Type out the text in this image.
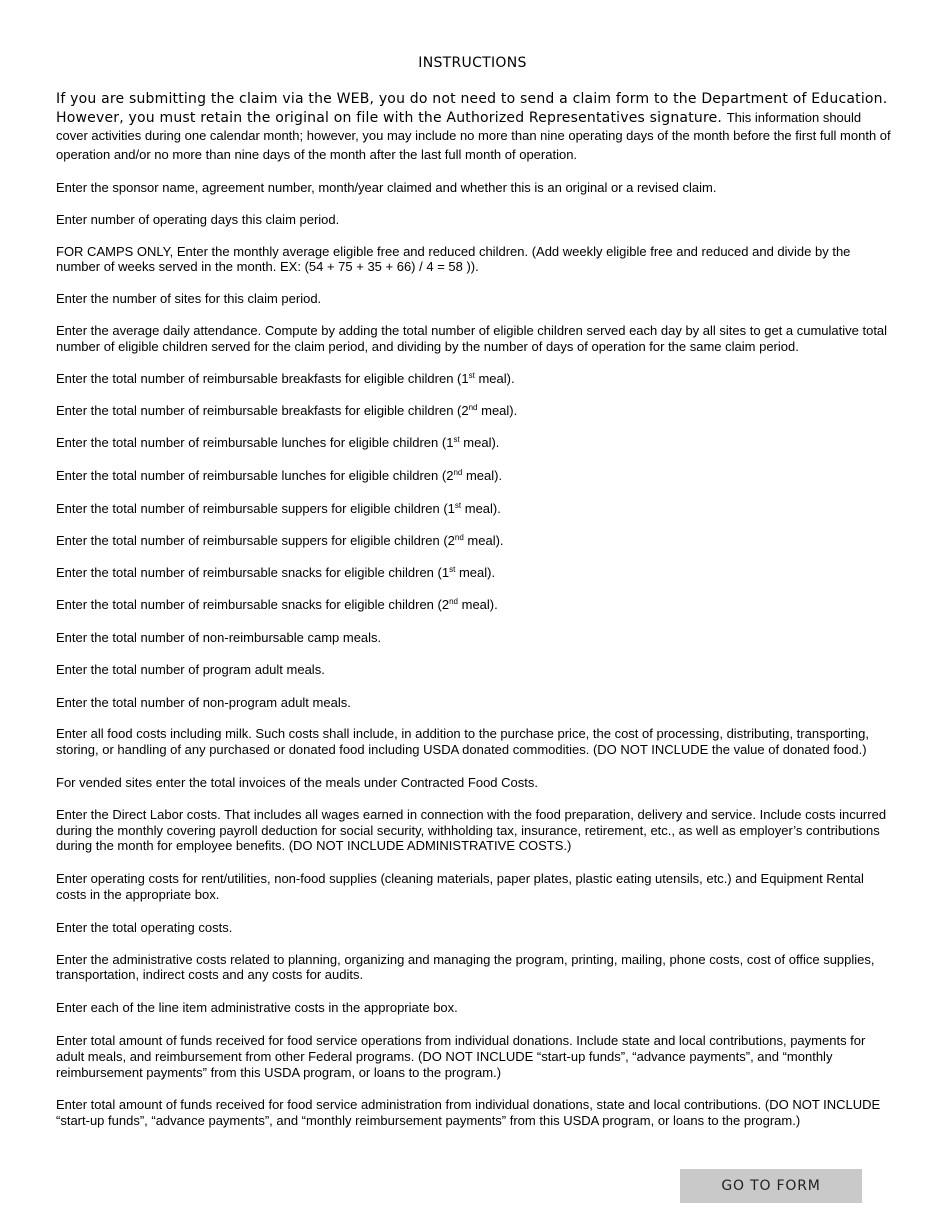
INSTRUCTIONS

If you are submitting the claim via the WEB, you do not need to send a claim form to the Department of Education. However, you must retain the original on file with the Authorized Representatives signature. This information should cover activities during one calendar month; however, you may include no more than nine operating days of the month before the first full month of operation and/or no more than nine days of the month after the last full month of operation.

Enter the sponsor name, agreement number, month/year claimed and whether this is an original or a revised claim.

Enter number of operating days this claim period.

FOR CAMPS ONLY, Enter the monthly average eligible free and reduced children. (Add weekly eligible free and reduced and divide by the number of weeks served in the month. EX: (54 + 75 + 35 + 66) / 4 = 58 )).

Enter the number of sites for this claim period.

Enter the average daily attendance. Compute by adding the total number of eligible children served each day by all sites to get a cumulative total number of eligible children served for the claim period, and dividing by the number of days of operation for the same claim period.

Enter the total number of reimbursable breakfasts for eligible children (1st meal).

Enter the total number of reimbursable breakfasts for eligible children (2nd meal).

Enter the total number of reimbursable lunches for eligible children (1st meal).

Enter the total number of reimbursable lunches for eligible children (2nd meal).

Enter the total number of reimbursable suppers for eligible children (1st meal).

Enter the total number of reimbursable suppers for eligible children (2nd meal).

Enter the total number of reimbursable snacks for eligible children (1st meal).

Enter the total number of reimbursable snacks for eligible children (2nd meal).

Enter the total number of non-reimbursable camp meals.

Enter the total number of program adult meals.

Enter the total number of non-program adult meals.

Enter all food costs including milk. Such costs shall include, in addition to the purchase price, the cost of processing, distributing, transporting, storing, or handling of any purchased or donated food including USDA donated commodities. (DO NOT INCLUDE the value of donated food.)

For vended sites enter the total invoices of the meals under Contracted Food Costs.

Enter the Direct Labor costs. That includes all wages earned in connection with the food preparation, delivery and service. Include costs incurred during the monthly covering payroll deduction for social security, withholding tax, insurance, retirement, etc., as well as employer’s contributions during the month for employee benefits. (DO NOT INCLUDE ADMINISTRATIVE COSTS.)

Enter operating costs for rent/utilities, non-food supplies (cleaning materials, paper plates, plastic eating utensils, etc.) and Equipment Rental costs in the appropriate box.

Enter the total operating costs.

Enter the administrative costs related to planning, organizing and managing the program, printing, mailing, phone costs, cost of office supplies, transportation, indirect costs and any costs for audits.

Enter each of the line item administrative costs in the appropriate box.

Enter total amount of funds received for food service operations from individual donations. Include state and local contributions, payments for adult meals, and reimbursement from other Federal programs. (DO NOT INCLUDE “start-up funds”, “advance payments”, and “monthly reimbursement payments” from this USDA program, or loans to the program.)

Enter total amount of funds received for food service administration from individual donations, state and local contributions. (DO NOT INCLUDE “start-up funds”, “advance payments”, and “monthly reimbursement payments” from this USDA program, or loans to the program.)

GO TO FORM
